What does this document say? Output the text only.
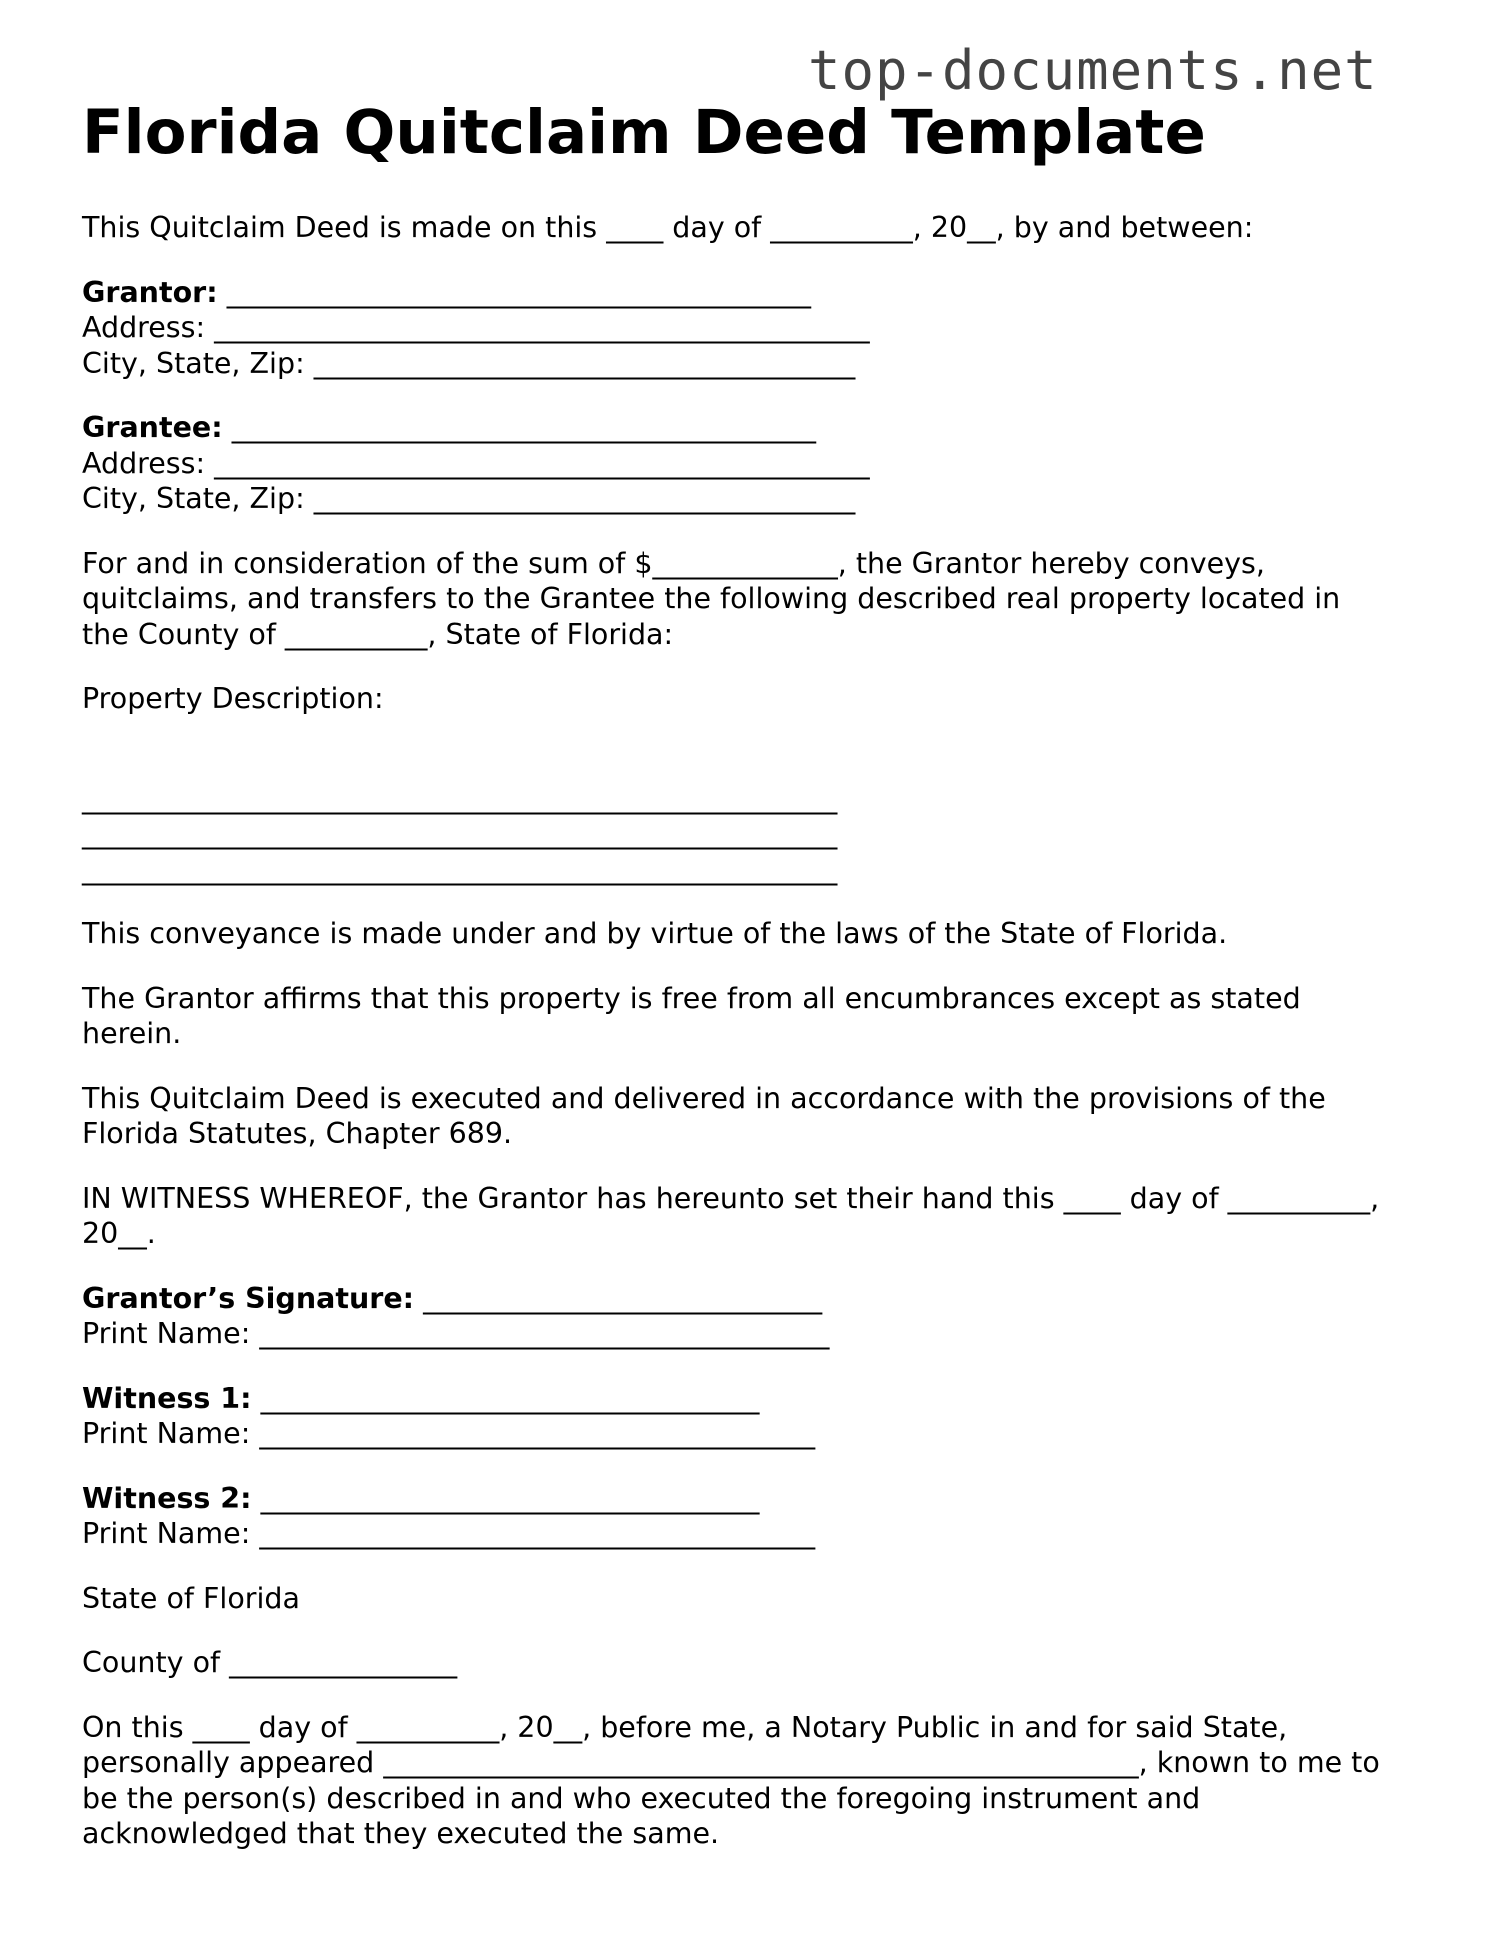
top-documents.net
Florida Quitclaim Deed Template
This Quitclaim Deed is made on this ____ day of __________, 20__, by and between:
Grantor: _________________________________________
Address: ______________________________________________
City, State, Zip: ______________________________________
Grantee: _________________________________________
Address: ______________________________________________
City, State, Zip: ______________________________________
For and in consideration of the sum of $_____________, the Grantor hereby conveys,
quitclaims, and transfers to the Grantee the following described real property located in
the County of __________, State of Florida:
Property Description:
_____________________________________________________
_____________________________________________________
_____________________________________________________
This conveyance is made under and by virtue of the laws of the State of Florida.
The Grantor affirms that this property is free from all encumbrances except as stated
herein.
This Quitclaim Deed is executed and delivered in accordance with the provisions of the
Florida Statutes, Chapter 689.
IN WITNESS WHEREOF, the Grantor has hereunto set their hand this ____ day of __________,
20__.
Grantor’s Signature: ____________________________
Print Name: ________________________________________
Witness 1: ___________________________________
Print Name: _______________________________________
Witness 2: ___________________________________
Print Name: _______________________________________
State of Florida
County of ________________
On this ____ day of __________, 20__, before me, a Notary Public in and for said State,
personally appeared _____________________________________________________, known to me to
be the person(s) described in and who executed the foregoing instrument and
acknowledged that they executed the same.
